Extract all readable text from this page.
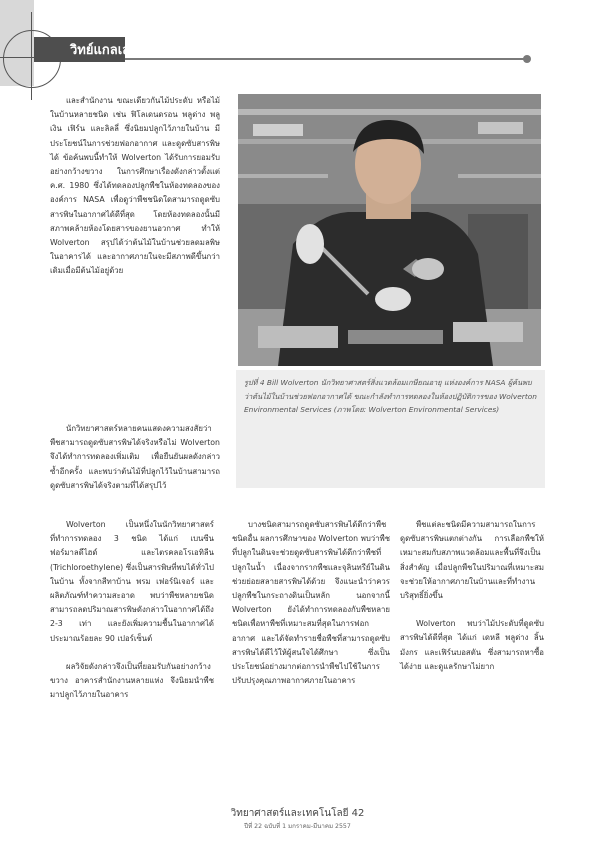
วิทย์แกลเลอรี

รูปที่ 4 Bill Wolverton นักวิทยาศาสตร์สิ่งแวดล้อมเกษียณอายุ แห่งองค์การ NASA ผู้ค้นพบว่าต้นไม้ในบ้านช่วยฟอกอากาศได้ ขณะกำลังทำการทดลองในห้องปฏิบัติการของ Wolverton Environmental Services (ภาพโดย: Wolverton Environmental Services)

และสำนักงาน ขณะเดียวกันไม้ประดับ หรือไม้ในบ้านหลายชนิด เช่น ฟิโลเดนดรอน พลูด่าง พลูเงิน เฟิร์น และลิลลี่ ซึ่งนิยมปลูกไว้ภายในบ้าน มีประโยชน์ในการช่วยฟอกอากาศ และดูดซับสารพิษได้ ข้อค้นพบนี้ทำให้ Wolverton ได้รับการยอมรับอย่างกว้างขวาง ในการศึกษาเรื่องดังกล่าวตั้งแต่ ค.ศ. 1980 ซึ่งได้ทดลองปลูกพืชในห้องทดลองขององค์การ NASA เพื่อดูว่าพืชชนิดใดสามารถดูดซับสารพิษในอากาศได้ดีที่สุด โดยห้องทดลองนั้นมีสภาพคล้ายห้องโดยสารของยานอวกาศ ทำให้ Wolverton สรุปได้ว่าต้นไม้ในบ้านช่วยลดมลพิษในอาคารได้ และอากาศภายในจะมีสภาพดีขึ้นกว่าเดิมเมื่อมีต้นไม้อยู่ด้วย

นักวิทยาศาสตร์หลายคนแสดงความสงสัยว่า พืชสามารถดูดซับสารพิษได้จริงหรือไม่ Wolverton จึงได้ทำการทดลองเพิ่มเติม เพื่อยืนยันผลดังกล่าวซ้ำอีกครั้ง และพบว่าต้นไม้ที่ปลูกไว้ในบ้านสามารถดูดซับสารพิษได้จริงตามที่ได้สรุปไว้

Wolverton เป็นหนึ่งในนักวิทยาศาสตร์ที่ทำการทดลอง 3 ชนิด ได้แก่ เบนซีน ฟอร์มาลดีไฮด์ และไตรคลอโรเอทิลีน (Trichloroethylene) ซึ่งเป็นสารพิษที่พบได้ทั่วไปในบ้าน ทั้งจากสีทาบ้าน พรม เฟอร์นิเจอร์ และผลิตภัณฑ์ทำความสะอาด พบว่าพืชหลายชนิดสามารถลดปริมาณสารพิษดังกล่าวในอากาศได้ถึง 2-3 เท่า และยังเพิ่มความชื้นในอากาศได้ประมาณร้อยละ 90 เปอร์เซ็นต์

ผลวิจัยดังกล่าวจึงเป็นที่ยอมรับกันอย่างกว้างขวาง อาคารสำนักงานหลายแห่ง จึงนิยมนำพืชมาปลูกไว้ภายในอาคาร

บางชนิดสามารถดูดซับสารพิษได้ดีกว่าพืชชนิดอื่น ผลการศึกษาของ Wolverton พบว่าพืชที่ปลูกในดินจะช่วยดูดซับสารพิษได้ดีกว่าพืชที่ปลูกในน้ำ เนื่องจากรากพืชและจุลินทรีย์ในดินช่วยย่อยสลายสารพิษได้ด้วย จึงแนะนำว่าควรปลูกพืชในกระถางดินเป็นหลัก นอกจากนี้ Wolverton ยังได้ทำการทดลองกับพืชหลายชนิดเพื่อหาพืชที่เหมาะสมที่สุดในการฟอกอากาศ และได้จัดทำรายชื่อพืชที่สามารถดูดซับสารพิษได้ดีไว้ให้ผู้สนใจได้ศึกษา ซึ่งเป็นประโยชน์อย่างมากต่อการนำพืชไปใช้ในการปรับปรุงคุณภาพอากาศภายในอาคาร

พืชแต่ละชนิดมีความสามารถในการดูดซับสารพิษแตกต่างกัน การเลือกพืชให้เหมาะสมกับสภาพแวดล้อมและพื้นที่จึงเป็นสิ่งสำคัญ เมื่อปลูกพืชในปริมาณที่เหมาะสม จะช่วยให้อากาศภายในบ้านและที่ทำงานบริสุทธิ์ยิ่งขึ้น

Wolverton พบว่าไม้ประดับที่ดูดซับสารพิษได้ดีที่สุด ได้แก่ เดหลี พลูด่าง ลิ้นมังกร และเฟิร์นบอสตัน ซึ่งสามารถหาซื้อได้ง่าย และดูแลรักษาไม่ยาก

วิทยาศาสตร์และเทคโนโลยี 42
ปีที่ 22 ฉบับที่ 1 มกราคม-มีนาคม 2557
